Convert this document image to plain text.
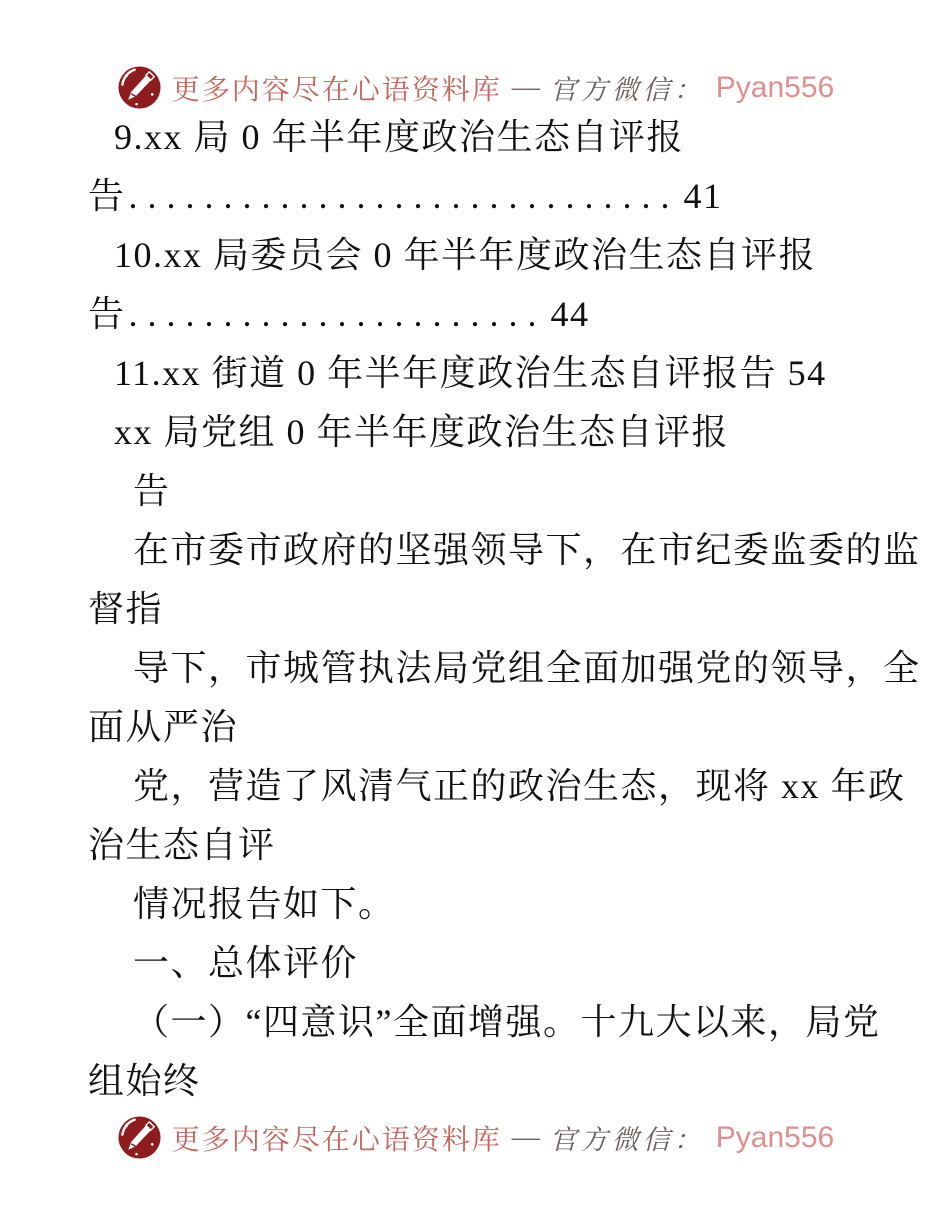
更多内容尽在心语资料库 — 官方微信： Pyan556
9.xx 局 0 年半年度政治生态自评报
告............................. 41
10.xx 局委员会 0 年半年度政治生态自评报
告...................... 44
11.xx 街道 0 年半年度政治生态自评报告 54
xx 局党组 0 年半年度政治生态自评报
告
在市委市政府的坚强领导下，在市纪委监委的监
督指
导下，市城管执法局党组全面加强党的领导，全
面从严治
党，营造了风清气正的政治生态，现将 xx 年政
治生态自评
情况报告如下。
一、总体评价
（一）“四意识”全面增强。十九大以来，局党
组始终
更多内容尽在心语资料库 — 官方微信： Pyan556
